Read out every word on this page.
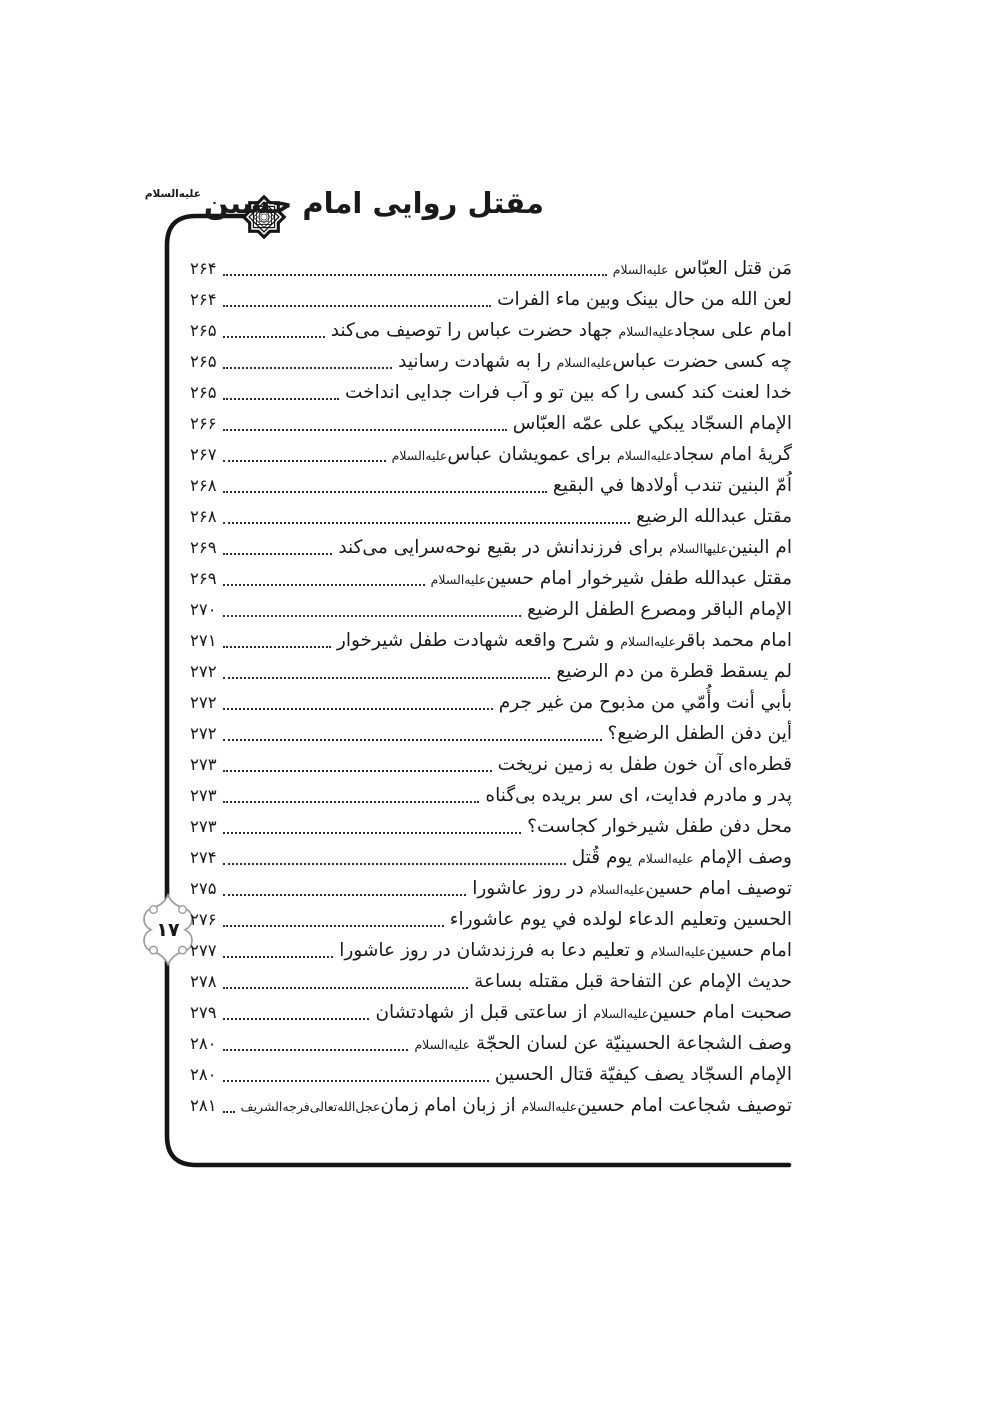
مقتل روایی امام حسینعلیه‌السلام
۱۷
مَن قتل العبّاس علیه‌السلام
۲۶۴
لعن الله من حال بینک وبین ماء الفرات
۲۶۴
امام علی سجادعلیه‌السلام جهاد حضرت عباس را توصیف می‌کند
۲۶۵
چه کسی حضرت عباس‌علیه‌السلام را به شهادت رسانید
۲۶۵
خدا لعنت کند کسی را که بین تو و آب فرات جدایی انداخت
۲۶۵
الإمام السجّاد یبکي علی عمّه العبّاس
۲۶۶
گریۀ امام سجادعلیه‌السلام برای عمویشان عباس‌علیه‌السلام
۲۶۷
اُمّ البنین تندب أولادها في البقیع
۲۶۸
مقتل عبدالله الرضیع
۲۶۸
ام البنین‌علیهاالسلام برای فرزندانش در بقیع نوحه‌سرایی می‌کند
۲۶۹
مقتل عبدالله طفل شیرخوار امام حسین‌علیه‌السلام
۲۶۹
الإمام الباقر ومصرع الطفل الرضیع
۲۷۰
امام محمد باقرعلیه‌السلام و شرح واقعه شهادت طفل شیرخوار
۲۷۱
لم یسقط قطرة من دم الرضیع
۲۷۲
بأبي أنت وأُمّي من مذبوح من غیر جرم
۲۷۲
أین دفن الطفل الرضیع؟
۲۷۲
قطره‌ای آن خون طفل به زمین نریخت
۲۷۳
پدر و مادرم فدایت، ای سر بریده بی‌گناه
۲۷۳
محل دفن طفل شیرخوار کجاست؟
۲۷۳
وصف الإمام علیه‌السلام یوم قُتل
۲۷۴
توصیف امام حسین‌علیه‌السلام در روز عاشورا
۲۷۵
الحسین وتعلیم الدعاء لولده في یوم عاشوراء
۲۷۶
امام حسین‌علیه‌السلام و تعلیم دعا به فرزندشان در روز عاشورا
۲۷۷
حدیث الإمام عن التفاحة قبل مقتله بساعة
۲۷۸
صحبت امام حسین‌علیه‌السلام از ساعتی قبل از شهادتشان
۲۷۹
وصف الشجاعة الحسینیّة عن لسان الحجّة علیه‌السلام
۲۸۰
الإمام السجّاد یصف کیفیّة قتال الحسین
۲۸۰
توصیف شجاعت امام حسین‌علیه‌السلام از زبان امام زمان‌عجل‌الله‌تعالی‌فرجه‌الشریف
۲۸۱
